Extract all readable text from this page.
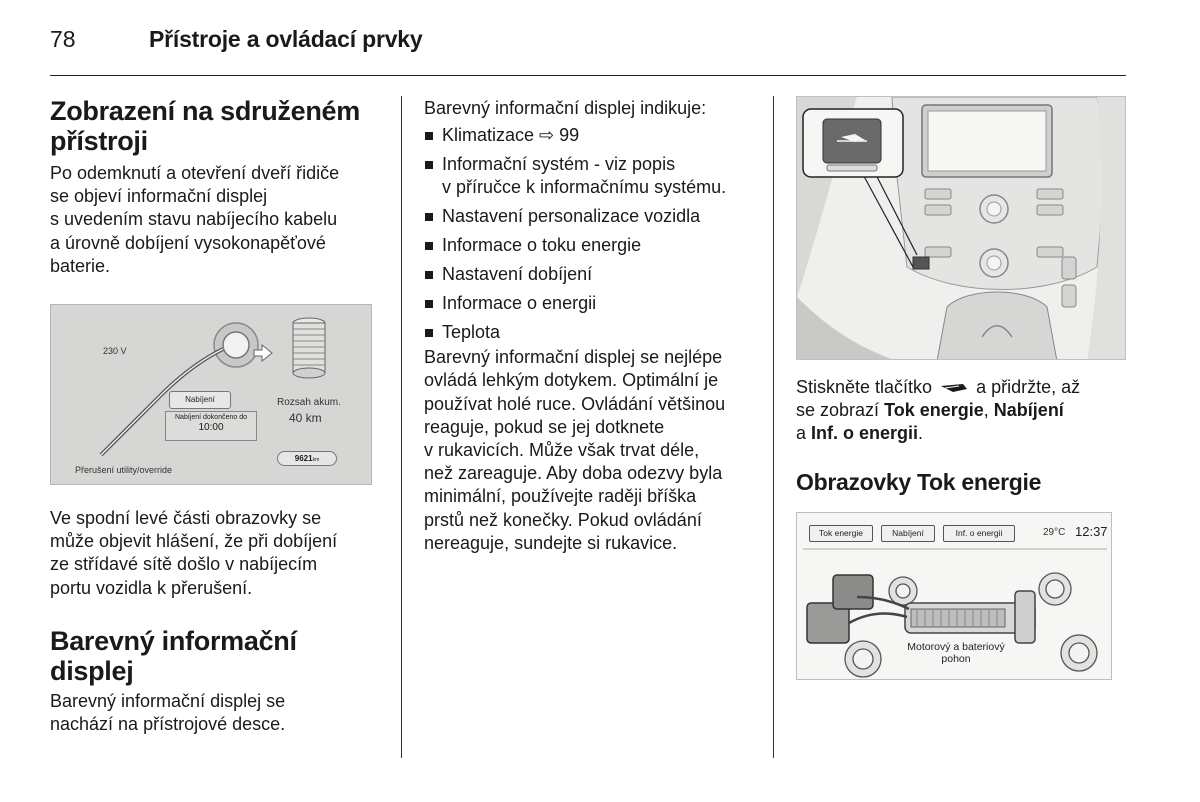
78	Přístroje a ovládací prvky
Zobrazení na sdruženém
přístroji

Po odemknutí a otevření dveří řidiče
se objeví informační displej
s uvedením stavu nabíjecího kabelu
a úrovně dobíjení vysokonapěťové
baterie.

230 V
Nabíjení
Nabíjení dokončeno do
10:00
Rozsah akum.
40 km
9621km
Přerušení utility/override

Ve spodní levé části obrazovky se
může objevit hlášení, že při dobíjení
ze střídavé sítě došlo v nabíjecím
portu vozidla k přerušení.

Barevný informační displej

Barevný informační displej se
nachází na přístrojové desce.

Barevný informační displej indikuje:

Klimatizace ⇨ 99
Informační systém - viz popis
v příručce k informačnímu systému.
Nastavení personalizace vozidla
Informace o toku energie
Nastavení dobíjení
Informace o energii
Teplota

Barevný informační displej se nejlépe
ovládá lehkým dotykem. Optimální je
používat holé ruce. Ovládání většinou
reaguje, pokud se jej dotknete
v rukavicích. Může však trvat déle,
než zareaguje. Aby doba odezvy byla
minimální, používejte raději bříška
prstů než konečky. Pokud ovládání
nereaguje, sundejte si rukavice.

Stiskněte tlačítko a přidržte, až
se zobrazí Tok energie, Nabíjení
a Inf. o energii.

Obrazovky Tok energie
Tok energie	Nabíjení	Inf. o energii	29°C 12:37
Motorový a bateriový
pohon
